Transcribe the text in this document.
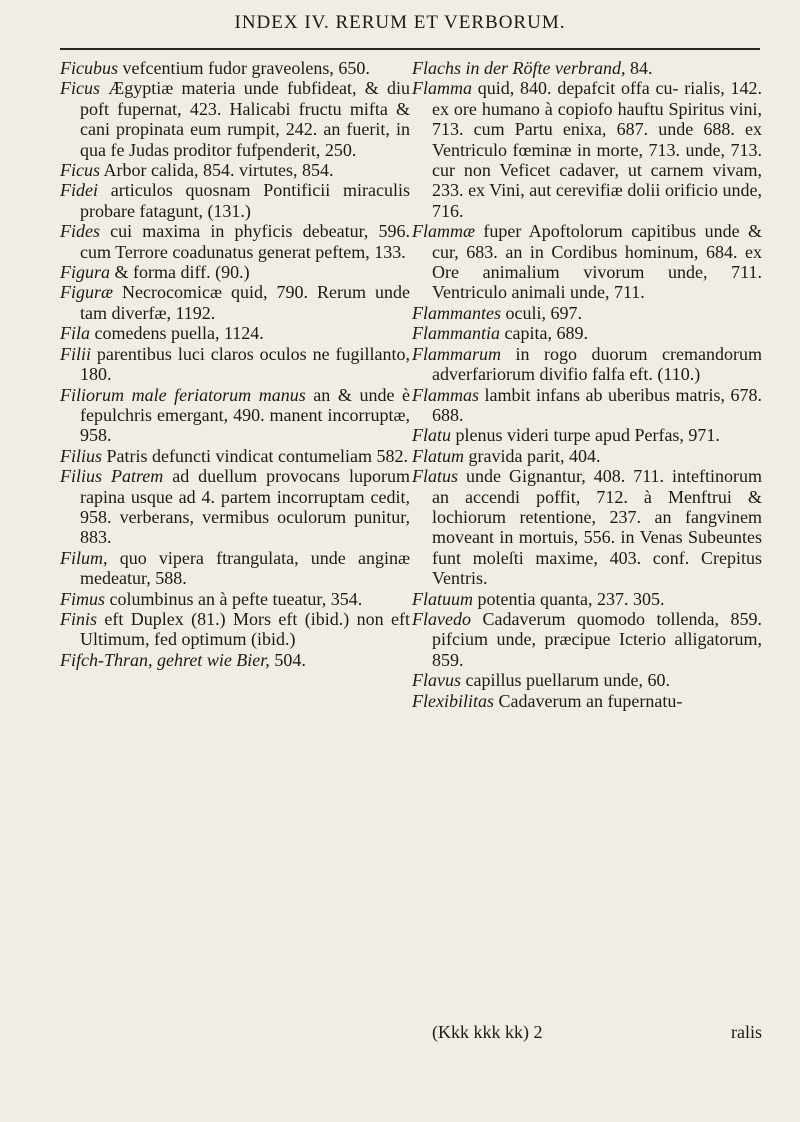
INDEX IV. RERUM ET VERBORUM.

Ficubus vefcentium fudor graveolens, 650.

Ficus Ægyptiæ materia unde fubfideat, & diu poft fupernat, 423. Halicabi fructu mifta & cani propinata eum rumpit, 242. an fuerit, in qua fe Judas proditor fufpenderit, 250.

Ficus Arbor calida, 854. virtutes, 854.

Fidei articulos quosnam Pontificii miraculis probare fatagunt, (131.)

Fides cui maxima in phyficis debeatur, 596. cum Terrore coadunatus generat peftem, 133.

Figura & forma diff. (90.)

Figuræ Necrocomicæ quid, 790. Rerum unde tam diverfæ, 1192.

Fila comedens puella, 1124.

Filii parentibus luci claros oculos ne fugillanto, 180.

Filiorum male feriatorum manus an & unde è fepulchris emergant, 490. manent incorruptæ, 958.

Filius Patris defuncti vindicat contumeliam 582.

Filius Patrem ad duellum provocans luporum rapina usque ad 4. partem incorruptam cedit, 958. verberans, vermibus oculorum punitur, 883.

Filum, quo vipera ftrangulata, unde anginæ medeatur, 588.

Fimus columbinus an à pefte tueatur, 354.

Finis eft Duplex (81.) Mors eft (ibid.) non eft Ultimum, fed optimum (ibid.)

Fifch-Thran, gehret wie Bier, 504.

Flachs in der Röfte verbrand, 84.

Flamma quid, 840. depafcit offa cu- rialis, 142. ex ore humano à copiofo hauftu Spiritus vini, 713. cum Partu enixa, 687. unde 688. ex Ventriculo fœminæ in morte, 713. unde, 713. cur non Veficet cadaver, ut carnem vivam, 233. ex Vini, aut cerevifiæ dolii orificio unde, 716.

Flammæ fuper Apoftolorum capitibus unde & cur, 683. an in Cordibus hominum, 684. ex Ore animalium vivorum unde, 711. Ventriculo animali unde, 711.

Flammantes oculi, 697.

Flammantia capita, 689.

Flammarum in rogo duorum cremandorum adverfariorum divifio falfa eft. (110.)

Flammas lambit infans ab uberibus matris, 678. 688.

Flatu plenus videri turpe apud Perfas, 971.

Flatum gravida parit, 404.

Flatus unde Gignantur, 408. 711. inteftinorum an accendi poffit, 712. à Menftrui & lochiorum retentione, 237. an fangvinem moveant in mortuis, 556. in Venas Subeuntes funt moleſti maxime, 403. conf. Crepitus Ventris.

Flatuum potentia quanta, 237. 305.

Flavedo Cadaverum quomodo tollenda, 859. pifcium unde, præcipue Icterio alligatorum, 859.

Flavus capillus puellarum unde, 60.

Flexibilitas Cadaverum an fupernatu-

(Kkk kkk kk) 2	ralis
